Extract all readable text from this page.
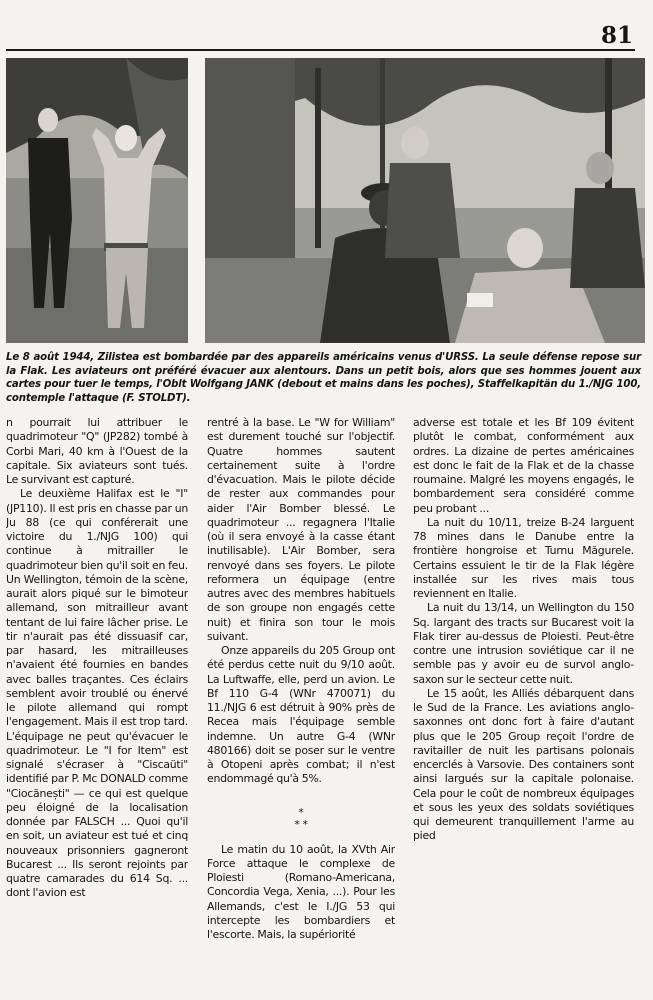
81
Le 8 août 1944, Zilistea est bombardée par des appareils américains venus d'URSS. La seule défense repose sur la Flak. Les aviateurs ont préféré évacuer aux alentours. Dans un petit bois, alors que ses hommes jouent aux cartes pour tuer le temps, l'Oblt Wolfgang JANK (debout et mains dans les poches), Staffelkapitän du 1./NJG 100, contemple l'attaque (F. STOLDT).

n pourrait lui attribuer le quadrimoteur "Q" (JP282) tombé à Corbi Mari, 40 km à l'Ouest de la capitale. Six aviateurs sont tués. Le survivant est capturé.

Le deuxième Halifax est le "I" (JP110). Il est pris en chasse par un Ju 88 (ce qui conférerait une victoire du 1./NJG 100) qui continue à mitrailler le quadrimoteur bien qu'il soit en feu. Un Wellington, témoin de la scène, aurait alors piqué sur le bimoteur allemand, son mitrailleur avant tentant de lui faire lâcher prise. Le tir n'aurait pas été dissuasif car, par hasard, les mitrailleuses n'avaient été fournies en bandes avec balles traçantes. Ces éclairs semblent avoir troublé ou énervé le pilote allemand qui rompt l'engagement. Mais il est trop tard. L'équipage ne peut qu'évacuer le quadrimoteur. Le "I for Item" est signalé s'écraser à "Ciscaüti" identifié par P. Mc DONALD comme "Ciocănești" — ce qui est quelque peu éloigné de la localisation donnée par FALSCH ... Quoi qu'il en soit, un aviateur est tué et cinq nouveaux prisonniers gagneront Bucarest ... Ils seront rejoints par quatre camarades du 614 Sq. ... dont l'avion est

rentré à la base. Le "W for William" est durement touché sur l'objectif. Quatre hommes sautent certainement suite à l'ordre d'évacuation. Mais le pilote décide de rester aux commandes pour aider l'Air Bomber blessé. Le quadrimoteur ... regagnera l'Italie (où il sera envoyé à la casse étant inutilisable). L'Air Bomber, sera renvoyé dans ses foyers. Le pilote reformera un équipage (entre autres avec des membres habituels de son groupe non engagés cette nuit) et finira son tour le mois suivant.

Onze appareils du 205 Group ont été perdus cette nuit du 9/10 août. La Luftwaffe, elle, perd un avion. Le Bf 110 G-4 (WNr 470071) du 11./NJG 6 est détruit à 90% près de Recea mais l'équipage semble indemne. Un autre G-4 (WNr 480166) doit se poser sur le ventre à Otopeni après combat; il n'est endommagé qu'à 5%.

*
* *

Le matin du 10 août, la XVth Air Force attaque le complexe de Ploiesti (Romano-Americana, Concordia Vega, Xenia, ...). Pour les Allemands, c'est le I./JG 53 qui intercepte les bombardiers et l'escorte. Mais, la supériorité

adverse est totale et les Bf 109 évitent plutôt le combat, conformément aux ordres. La dizaine de pertes américaines est donc le fait de la Flak et de la chasse roumaine. Malgré les moyens engagés, le bombardement sera considéré comme peu probant ...

La nuit du 10/11, treize B-24 larguent 78 mines dans le Danube entre la frontière hongroise et Turnu Măgurele. Certains essuient le tir de la Flak légère installée sur les rives mais tous reviennent en Italie.

La nuit du 13/14, un Wellington du 150 Sq. largant des tracts sur Bucarest voit la Flak tirer au-dessus de Ploiesti. Peut-être contre une intrusion soviétique car il ne semble pas y avoir eu de survol anglo-saxon sur le secteur cette nuit.

Le 15 août, les Alliés débarquent dans le Sud de la France. Les aviations anglo-saxonnes ont donc fort à faire d'autant plus que le 205 Group reçoit l'ordre de ravitailler de nuit les partisans polonais encerclés à Varsovie. Des containers sont ainsi largués sur la capitale polonaise. Cela pour le coût de nombreux équipages et sous les yeux des soldats soviétiques qui demeurent tranquillement l'arme au pied
